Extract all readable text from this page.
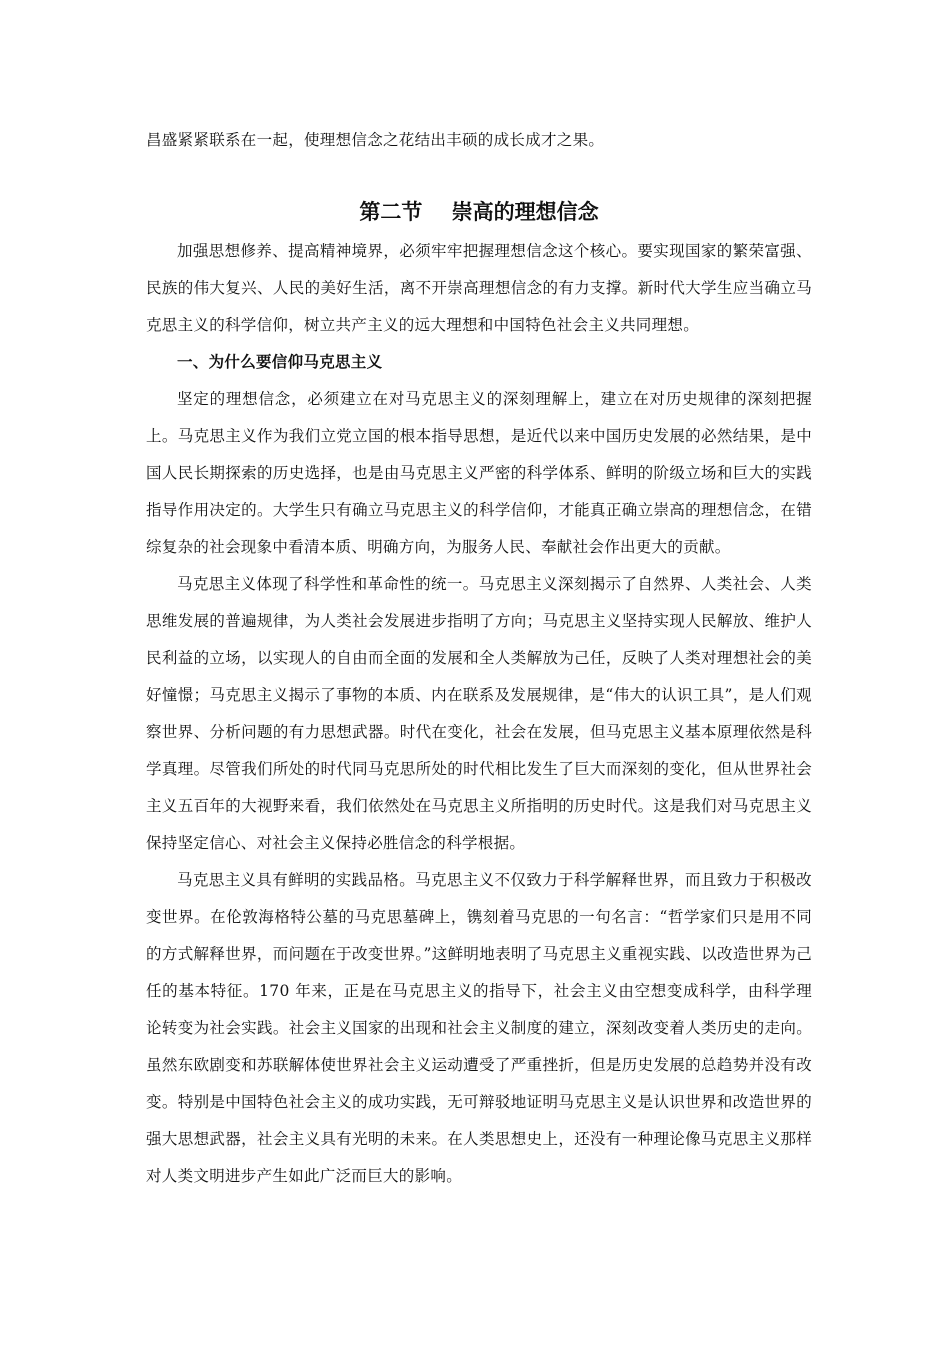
昌盛紧紧联系在一起，使理想信念之花结出丰硕的成长成才之果。
第二节    崇高的理想信念

加强思想修养、提高精神境界，必须牢牢把握理想信念这个核心。要实现国家的繁荣富强、民族的伟大复兴、人民的美好生活，离不开崇高理想信念的有力支撑。新时代大学生应当确立马克思主义的科学信仰，树立共产主义的远大理想和中国特色社会主义共同理想。

一、为什么要信仰马克思主义

坚定的理想信念，必须建立在对马克思主义的深刻理解上，建立在对历史规律的深刻把握上。马克思主义作为我们立党立国的根本指导思想，是近代以来中国历史发展的必然结果，是中国人民长期探索的历史选择，也是由马克思主义严密的科学体系、鲜明的阶级立场和巨大的实践指导作用决定的。大学生只有确立马克思主义的科学信仰，才能真正确立崇高的理想信念，在错综复杂的社会现象中看清本质、明确方向，为服务人民、奉献社会作出更大的贡献。

马克思主义体现了科学性和革命性的统一。马克思主义深刻揭示了自然界、人类社会、人类思维发展的普遍规律，为人类社会发展进步指明了方向；马克思主义坚持实现人民解放、维护人民利益的立场，以实现人的自由而全面的发展和全人类解放为己任，反映了人类对理想社会的美好憧憬；马克思主义揭示了事物的本质、内在联系及发展规律，是“伟大的认识工具”，是人们观察世界、分析问题的有力思想武器。时代在变化，社会在发展，但马克思主义基本原理依然是科学真理。尽管我们所处的时代同马克思所处的时代相比发生了巨大而深刻的变化，但从世界社会主义五百年的大视野来看，我们依然处在马克思主义所指明的历史时代。这是我们对马克思主义保持坚定信心、对社会主义保持必胜信念的科学根据。

马克思主义具有鲜明的实践品格。马克思主义不仅致力于科学解释世界，而且致力于积极改变世界。在伦敦海格特公墓的马克思墓碑上，镌刻着马克思的一句名言：“哲学家们只是用不同的方式解释世界，而问题在于改变世界。”这鲜明地表明了马克思主义重视实践、以改造世界为己任的基本特征。170 年来，正是在马克思主义的指导下，社会主义由空想变成科学，由科学理论转变为社会实践。社会主义国家的出现和社会主义制度的建立，深刻改变着人类历史的走向。虽然东欧剧变和苏联解体使世界社会主义运动遭受了严重挫折，但是历史发展的总趋势并没有改变。特别是中国特色社会主义的成功实践，无可辩驳地证明马克思主义是认识世界和改造世界的强大思想武器，社会主义具有光明的未来。在人类思想史上，还没有一种理论像马克思主义那样对人类文明进步产生如此广泛而巨大的影响。
